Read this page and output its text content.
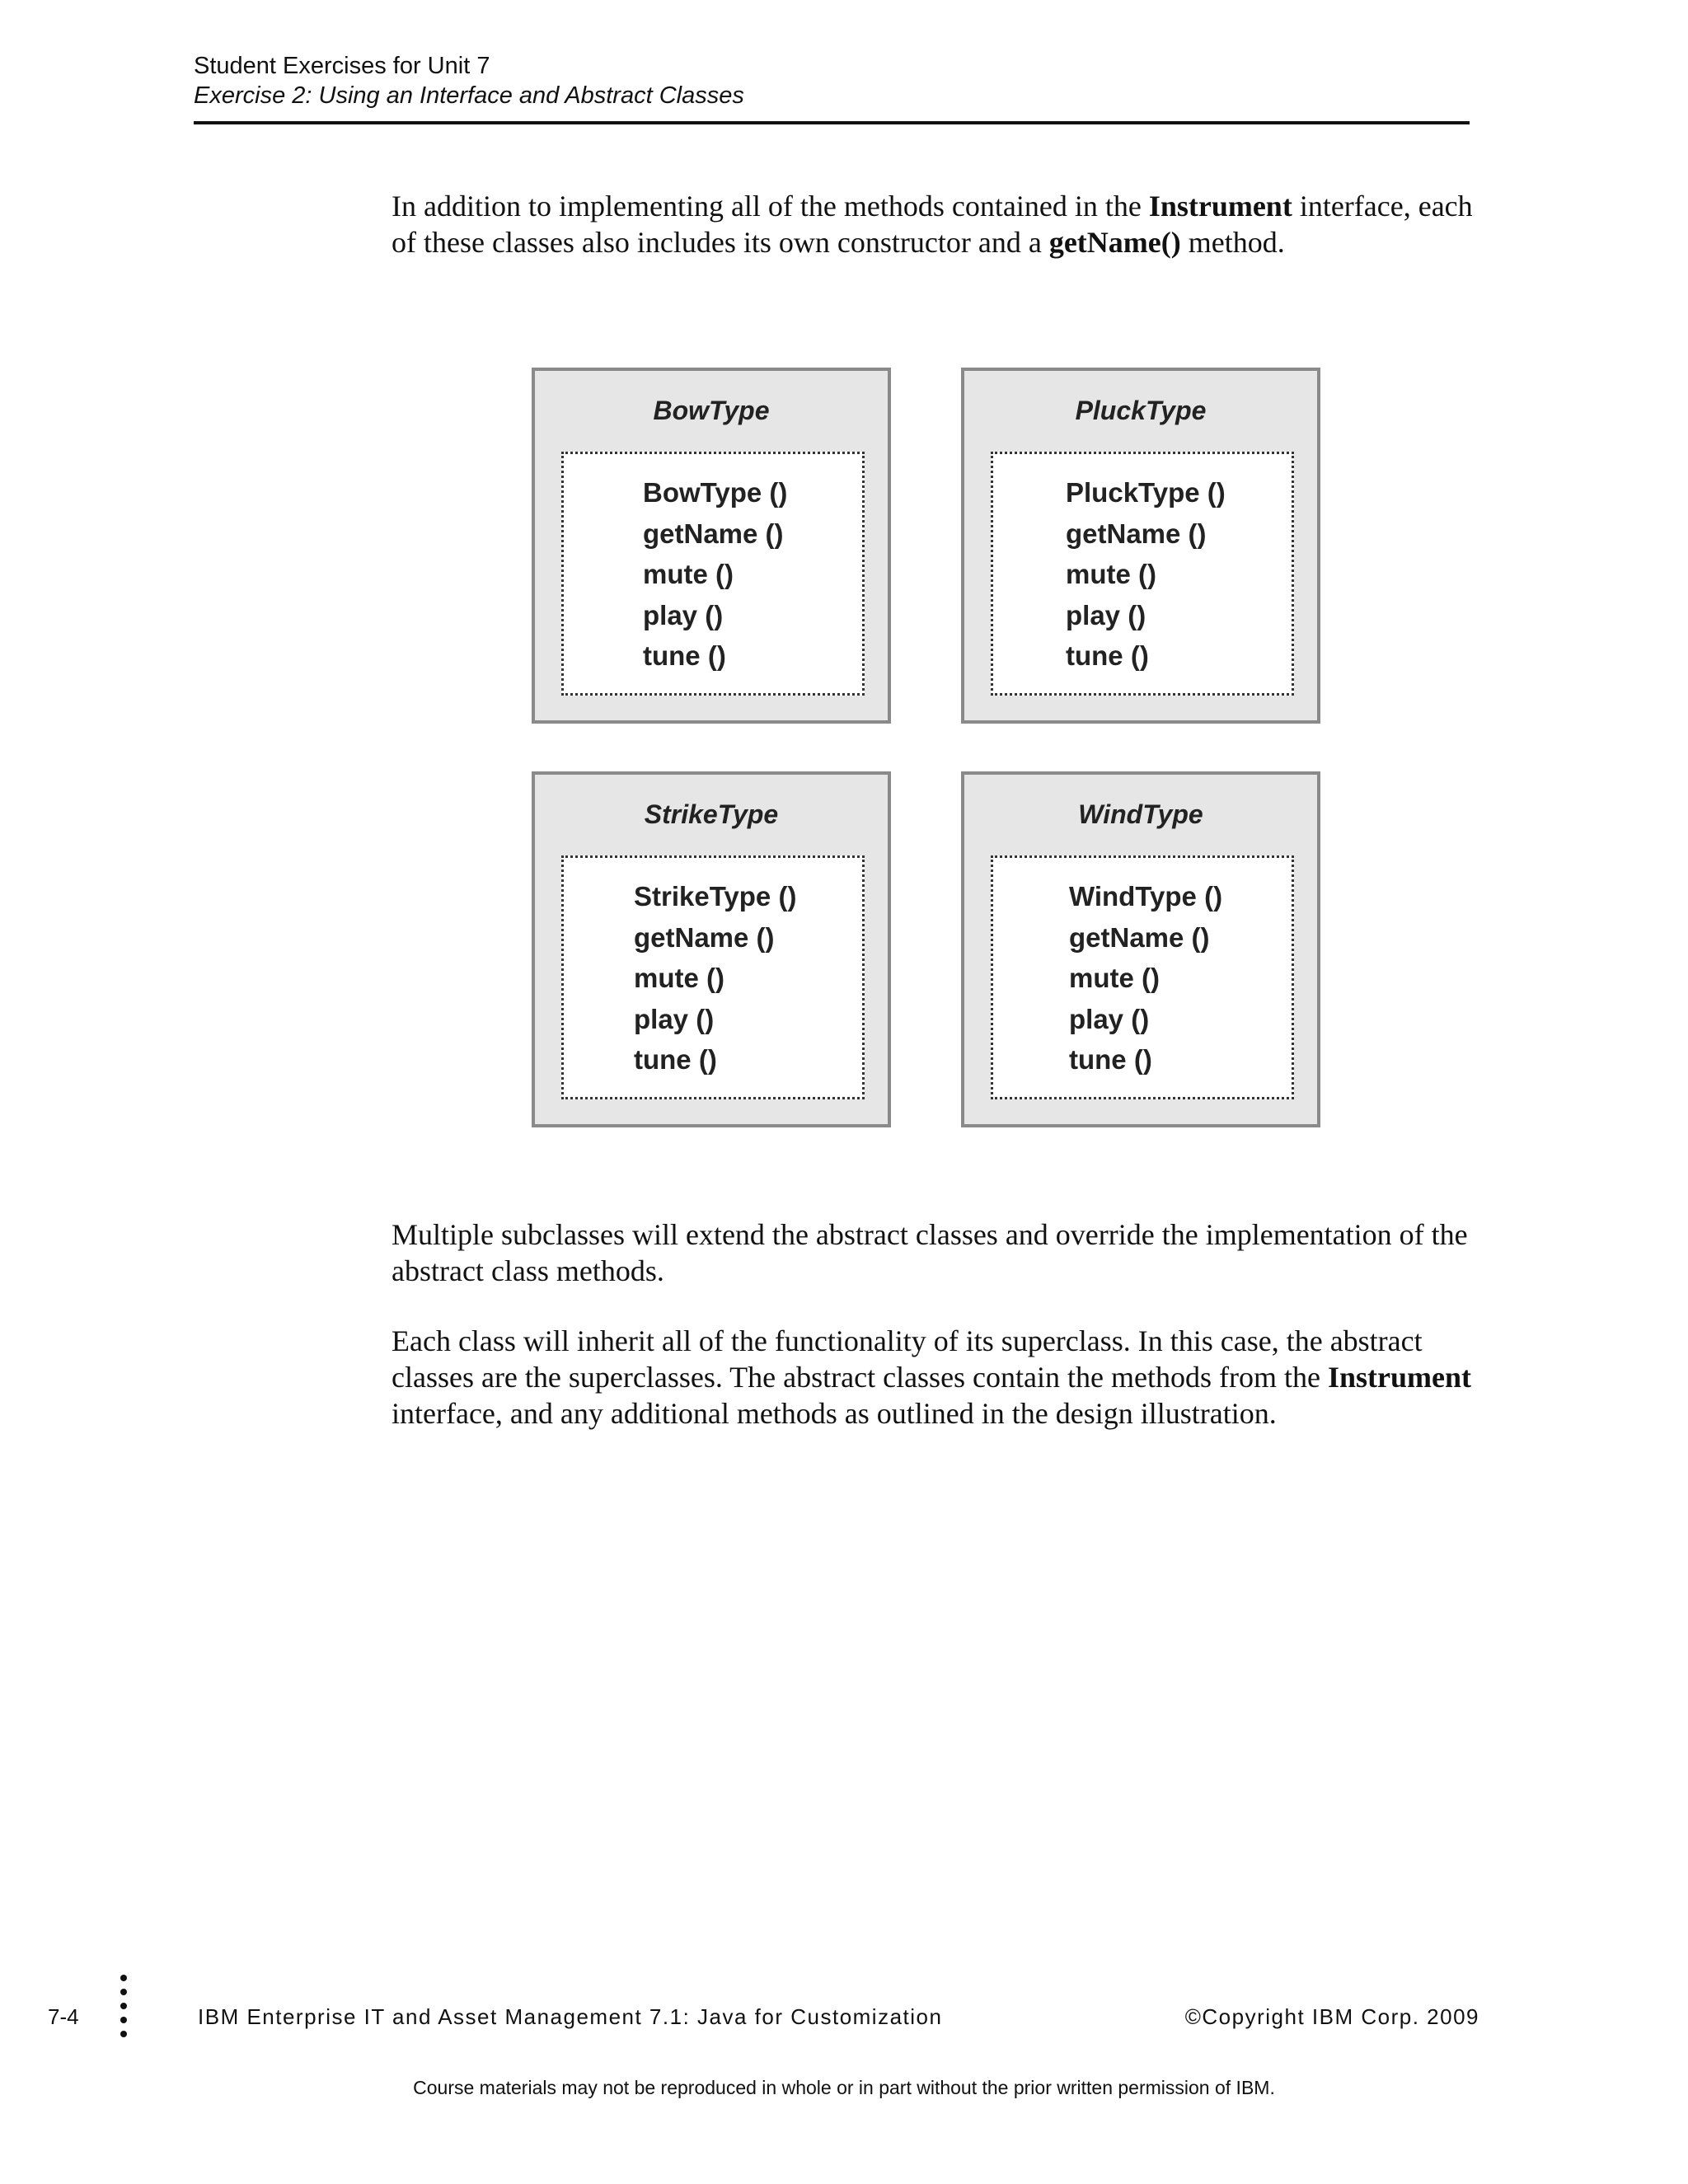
Student Exercises for Unit 7
Exercise 2: Using an Interface and Abstract Classes

In addition to implementing all of the methods contained in the Instrument interface, each of these classes also includes its own constructor and a getName() method.

BowType
BowType ()
getName ()
mute ()
play ()
tune ()
PluckType
PluckType ()
getName ()
mute ()
play ()
tune ()
StrikeType
StrikeType ()
getName ()
mute ()
play ()
tune ()
WindType
WindType ()
getName ()
mute ()
play ()
tune ()

Multiple subclasses will extend the abstract classes and override the implementation of the abstract class methods.

Each class will inherit all of the functionality of its superclass. In this case, the abstract classes are the superclasses. The abstract classes contain the methods from the Instrument interface, and any additional methods as outlined in the design illustration.

7-4	IBM Enterprise IT and Asset Management 7.1: Java for Customization	©Copyright IBM Corp. 2009
Course materials may not be reproduced in whole or in part without the prior written permission of IBM.
